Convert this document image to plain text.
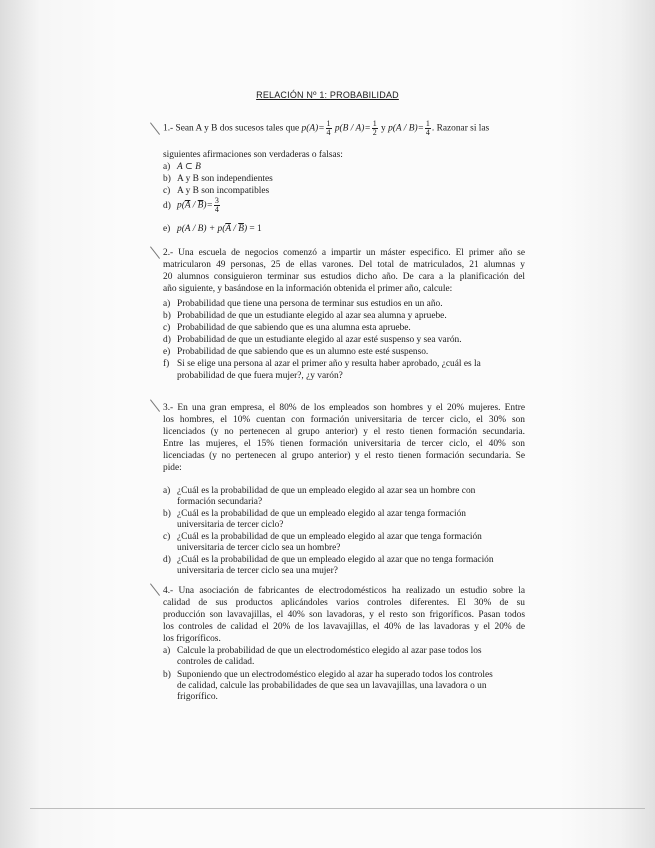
RELACIÓN Nº 1: PROBABILIDAD
1.- Sean A y B dos sucesos tales que $p(A)= \frac{1}{4} p(B / A)= \frac{1}{2}$ y $p(A / B)= \frac{1}{4}$ . Razonar si las
siguientes afirmaciones son verdaderas o falsas:
a) A ⊂ B
b) A y B son independientes
c) A y B son incompatibles
d) $p(\overline{A} / \overline{B})= \frac{3}{4}$
e) $p(A / B) + p(\overline{A} / \overline{B}) = 1$
2.- Una escuela de negocios comenzó a impartir un máster especifico. El primer año se
matricularon 49 personas, 25 de ellas varones. Del total de matriculados, 21 alumnas y
20 alumnos consiguieron terminar sus estudios dicho año. De cara a la planificación del
año siguiente, y basándose en la información obtenida el primer año, calcule:
a) Probabilidad que tiene una persona de terminar sus estudios en un año.
b) Probabilidad de que un estudiante elegido al azar sea alumna y apruebe.
c) Probabilidad de que sabiendo que es una alumna esta apruebe.
d) Probabilidad de que un estudiante elegido al azar esté suspenso y sea varón.
e) Probabilidad de que sabiendo que es un alumno este esté suspenso.
f) Si se elige una persona al azar el primer año y resulta haber aprobado, ¿cuál es la
probabilidad de que fuera mujer?, ¿y varón?
3.- En una gran empresa, el 80% de los empleados son hombres y el 20% mujeres. Entre
los hombres, el 10% cuentan con formación universitaria de tercer ciclo, el 30% son
licenciados (y no pertenecen al grupo anterior) y el resto tienen formación secundaria.
Entre las mujeres, el 15% tienen formación universitaria de tercer ciclo, el 40% son
licenciadas (y no pertenecen al grupo anterior) y el resto tienen formación secundaria. Se
pide:
a) ¿Cuál es la probabilidad de que un empleado elegido al azar sea un hombre con
formación secundaria?
b) ¿Cuál es la probabilidad de que un empleado elegido al azar tenga formación
universitaria de tercer ciclo?
c) ¿Cuál es la probabilidad de que un empleado elegido al azar que tenga formación
universitaria de tercer ciclo sea un hombre?
d) ¿Cuál es la probabilidad de que un empleado elegido al azar que no tenga formación
universitaria de tercer ciclo sea una mujer?
4.- Una asociación de fabricantes de electrodomésticos ha realizado un estudio sobre la
calidad de sus productos aplicándoles varios controles diferentes. El 30% de su
producción son lavavajillas, el 40% son lavadoras, y el resto son frigoríficos. Pasan todos
los controles de calidad el 20% de los lavavajillas, el 40% de las lavadoras y el 20% de
los frigoríficos.
a) Calcule la probabilidad de que un electrodoméstico elegido al azar pase todos los
controles de calidad.
b) Suponiendo que un electrodoméstico elegido al azar ha superado todos los controles
de calidad, calcule las probabilidades de que sea un lavavajillas, una lavadora o un
frigorífico.
